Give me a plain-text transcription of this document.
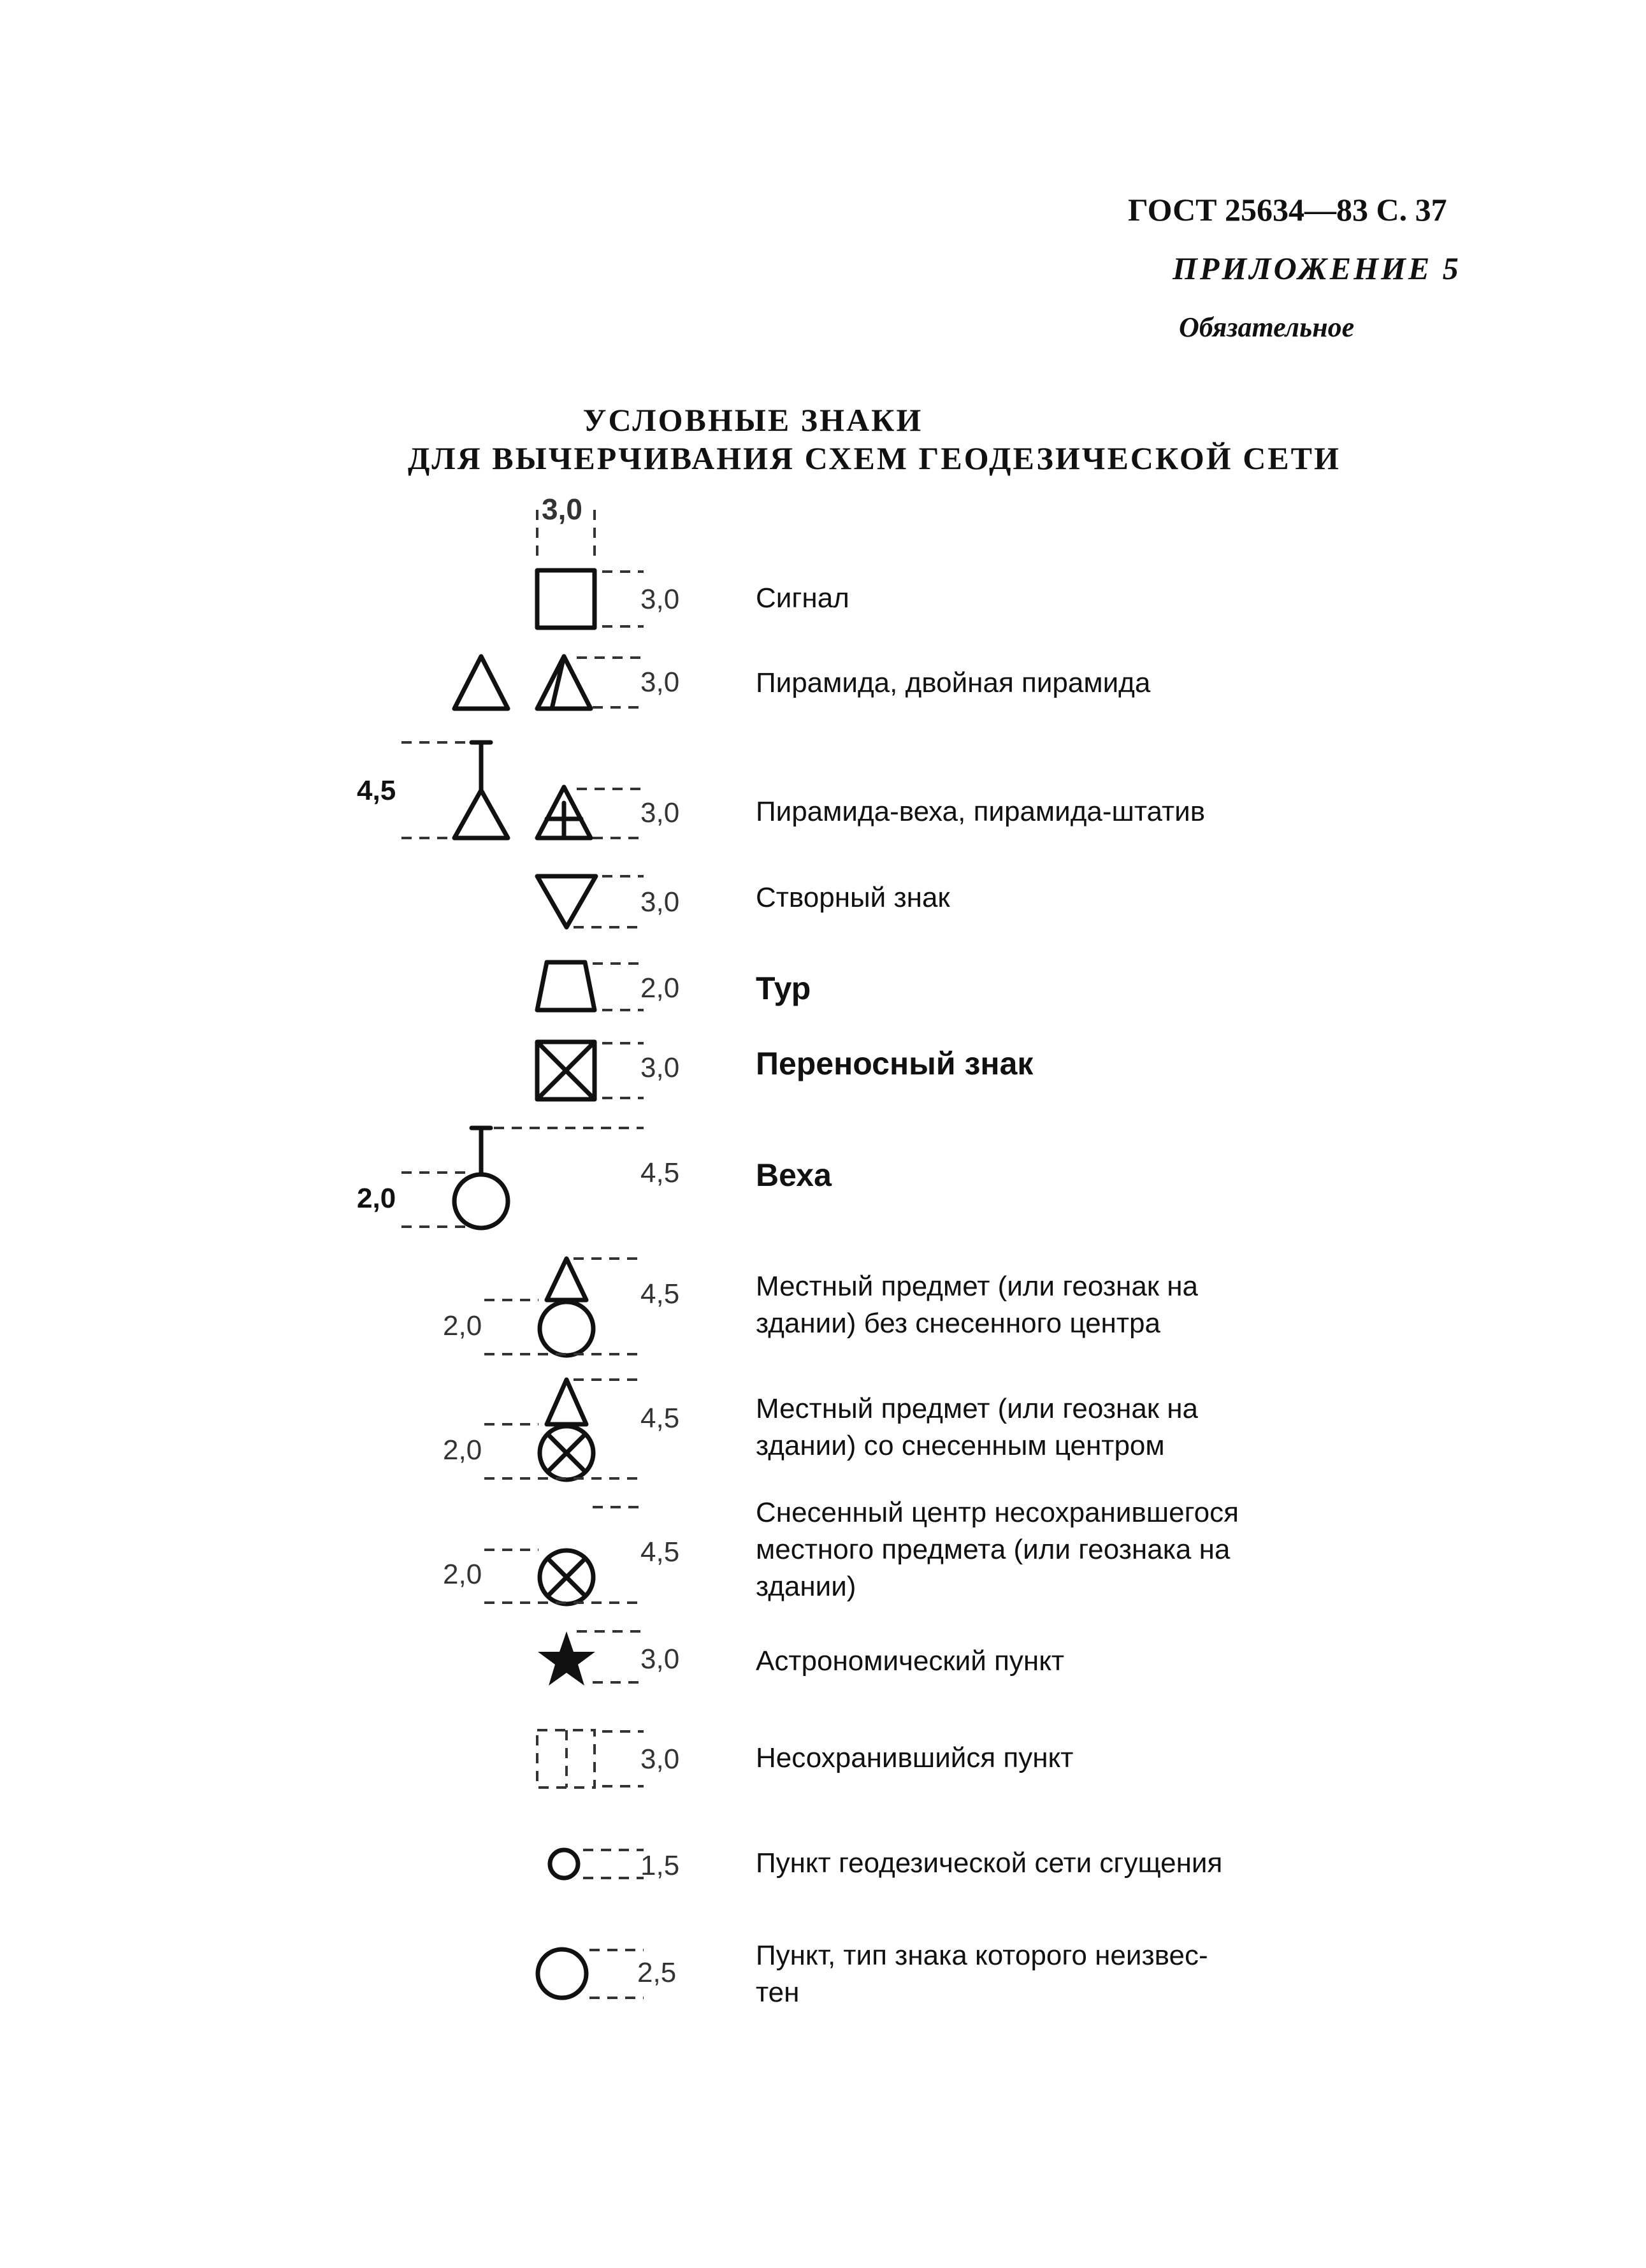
ГОСТ 25634—83 С. 37
ПРИЛОЖЕНИЕ 5
Обязательное
УСЛОВНЫЕ ЗНАКИ
ДЛЯ ВЫЧЕРЧИВАНИЯ СХЕМ ГЕОДЕЗИЧЕСКОЙ СЕТИ
3,0
3,0
3,0
4,5
3,0
3,0
2,0
3,0
2,0
4,5
2,0
4,5
2,0
4,5
2,0
4,5
3,0
3,0
1,5
2,5
Сигнал
Пирамида, двойная пирамида
Пирамида-веха, пирамида-штатив
Створный знак
Тур
Переносный знак
Веха
Местный предмет (или геознак на
здании) без снесенного центра
Местный предмет (или геознак на
здании) со снесенным центром
Снесенный центр несохранившегося
местного предмета (или геознака на
здании)
Астрономический пункт
Несохранившийся пункт
Пункт геодезической сети сгущения
Пункт, тип знака которого неизвес-
тен
